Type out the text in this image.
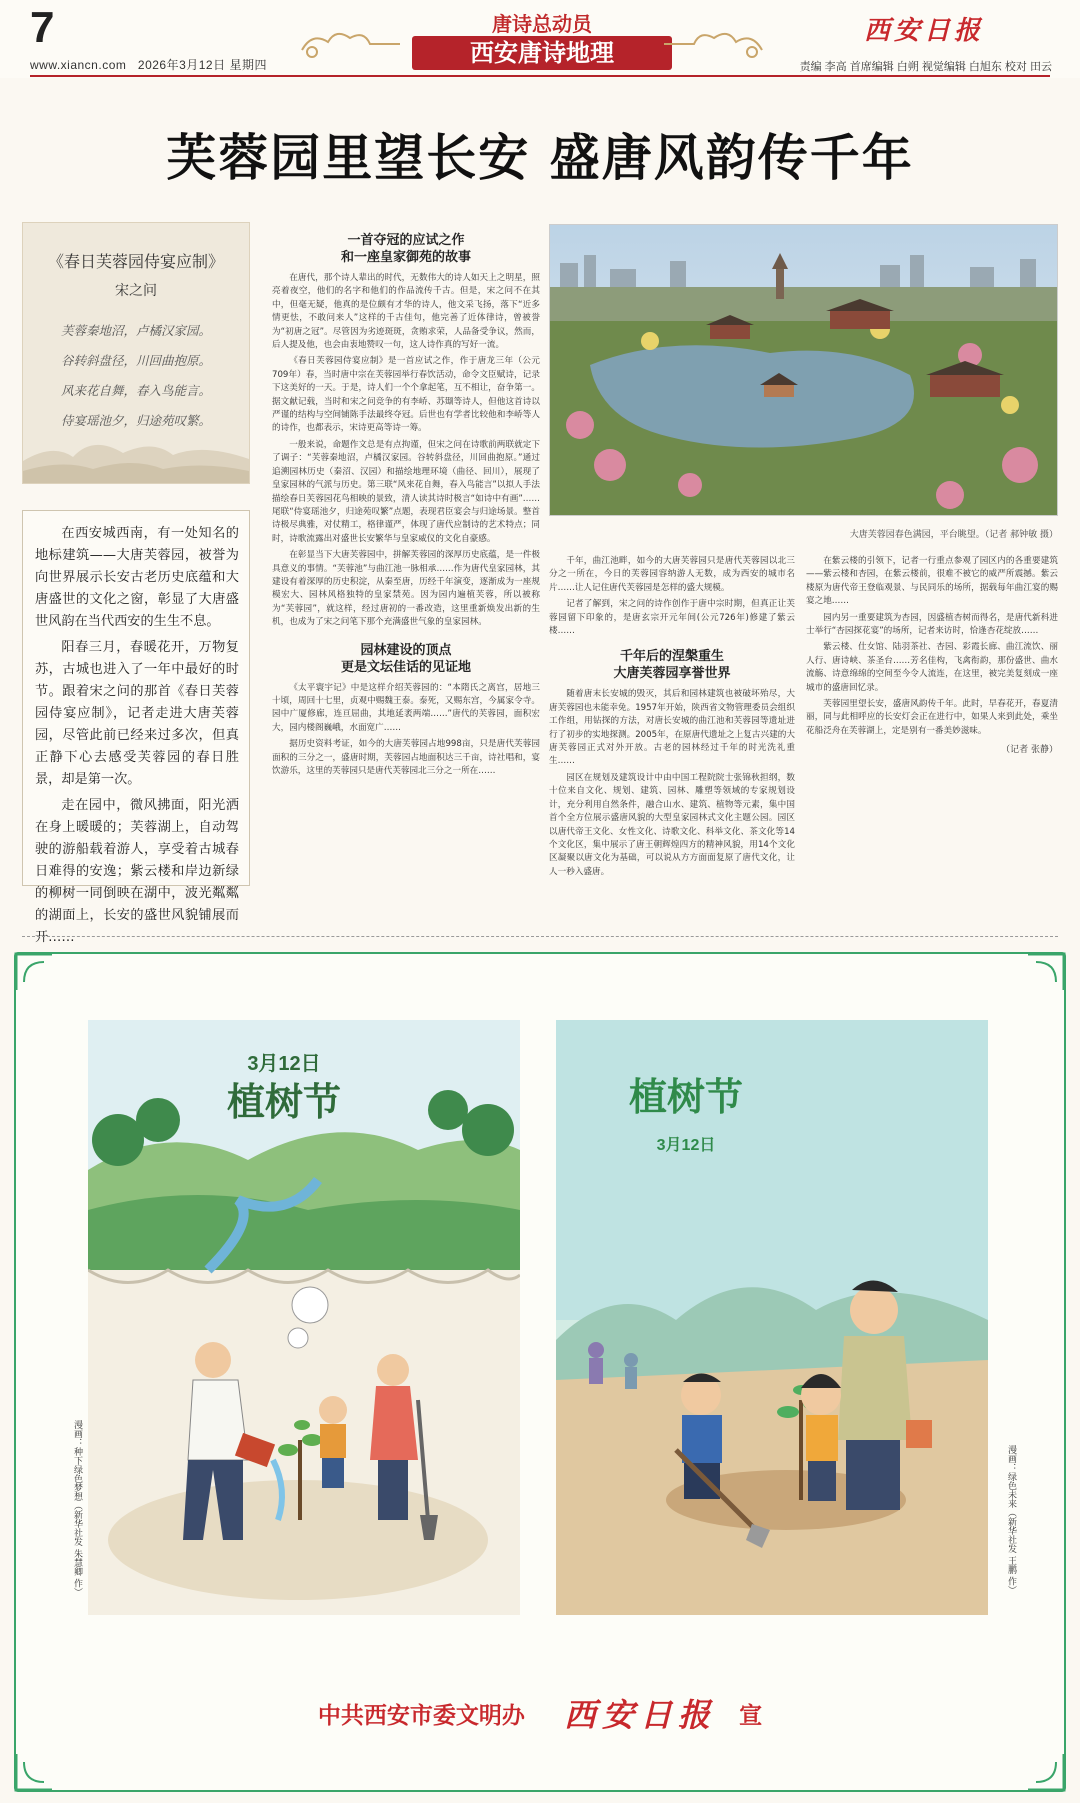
7
www.xiancn.com 2026年3月12日 星期四
唐诗总动员
西安唐诗地理
西安日报
责编 李高 首席编辑 白朔 视觉编辑 白旭东 校对 田云
芙蓉园里望长安 盛唐风韵传千年
《春日芙蓉园侍宴应制》
宋之问
芙蓉秦地沼，卢橘汉家园。
谷转斜盘径，川回曲抱原。
风来花自舞，春入鸟能言。
侍宴瑶池夕，归途苑叹繁。

在西安城西南，有一处知名的地标建筑——大唐芙蓉园，被誉为向世界展示长安古老历史底蕴和大唐盛世的文化之窗，彰显了大唐盛世风韵在当代西安的生生不息。

阳春三月，春暖花开，万物复苏，古城也进入了一年中最好的时节。跟着宋之问的那首《春日芙蓉园侍宴应制》，记者走进大唐芙蓉园，尽管此前已经来过多次，但真正静下心去感受芙蓉园的春日胜景，却是第一次。

走在园中，微风拂面，阳光洒在身上暖暖的；芙蓉湖上，自动驾驶的游船载着游人，享受着古城春日难得的安逸；紫云楼和岸边新绿的柳树一同倒映在湖中，波光粼粼的湖面上，长安的盛世风貌铺展而开……

一首夺冠的应试之作
和一座皇家御苑的故事

在唐代，那个诗人辈出的时代，无数伟大的诗人如天上之明星，照亮着夜空，他们的名字和他们的作品流传千古。但是，宋之问不在其中，但毫无疑，他真的是位颇有才华的诗人，他文采飞扬，落下“近多情更怯，不敢问来人”这样的千古佳句，他完善了近体律诗，曾被誉为“初唐之冠”。尽管因为劣迹斑斑，贪贿求荣，人品备受争议，然而，后人提及他，也会由衷地赞叹一句，这人诗作真的写好一流。

《春日芙蓉园侍宴应制》是一首应试之作，作于唐龙三年（公元709年）春，当时唐中宗在芙蓉园举行春饮活动，命令文臣赋诗，记录下这美好的一天。于是，诗人们一个个拿起笔，互不相让，奋争第一。据文献记载，当时和宋之问竞争的有李峤、苏颋等诗人，但他这首诗以严谨的结构与空间铺陈手法最终夺冠。后世也有学者比较他和李峤等人的诗作，也都表示，宋诗更高等诗一筹。

一般来说，命题作文总是有点拘谨，但宋之问在诗歌前两联就定下了调子：“芙蓉秦地沼，卢橘汉家园。谷转斜盘径，川回曲抱原。”通过追溯园林历史（秦沼、汉园）和描绘地理环境（曲径、回川），展现了皇家园林的气派与历史。第三联“风来花自舞，春入鸟能言”以拟人手法描绘春日芙蓉园花鸟相映的景致，清人读其诗时极言“如诗中有画”……尾联“侍宴瑶池夕，归途苑叹繁”点题，表现君臣宴会与归途场景。整首诗极尽典雅，对仗精工，格律谨严，体现了唐代应制诗的艺术特点；同时，诗歌流露出对盛世长安繁华与皇家威仪的文化自豪感。

在彰显当下大唐芙蓉园中，拼解芙蓉园的深厚历史底蕴，是一件极具意义的事情。“芙蓉池”与曲江池一脉相承……作为唐代皇家园林，其建设有着深厚的历史积淀，从秦至唐，历经千年演变，逐渐成为一座规模宏大、园林风格独特的皇家禁苑。因为园内遍植芙蓉，所以被称为“芙蓉园”，就这样，经过唐初的一番改造，这里重新焕发出新的生机，也成为了宋之问笔下那个充满盛世气象的皇家园林。

园林建设的顶点
更是文坛佳话的见证地

《太平寰宇记》中是这样介绍芙蓉园的：“本隋氏之离宫，居地三十顷，周回十七里，贞观中赐魏王泰。泰死，又赐东宫，今属家令寺。园中广厦修廊，连亘屈曲，其地延袤两端……”唐代的芙蓉园，面积宏大，园内楼阁巍峨，水面宽广……

据历史资料考证，如今的大唐芙蓉园占地998亩，只是唐代芙蓉园面积的三分之一，盛唐时期，芙蓉园占地面积达三千亩，诗社唱和，宴饮游乐，这里的芙蓉园只是唐代芙蓉园北三分之一所在……

大唐芙蓉园春色满园，平台眺望。（记者 郝钟敏 摄）

千年，曲江池畔，如今的大唐芙蓉园只是唐代芙蓉园以北三分之一所在，今日的芙蓉园容纳游人无数，成为西安的城市名片……让人记住唐代芙蓉园是怎样的盛大规模。

记者了解到，宋之问的诗作创作于唐中宗时期，但真正让芙蓉园留下印象的，是唐玄宗开元年间(公元726年)修建了紫云楼……

千年后的涅槃重生
大唐芙蓉园享誉世界

随着唐末长安城的毁灭，其后和园林建筑也被破坏殆尽，大唐芙蓉园也未能幸免。1957年开始，陕西省文物管理委员会组织工作组，用钻探的方法，对唐长安城的曲江池和芙蓉园等遗址进行了初步的实地探测。2005年，在原唐代遗址之上复古兴建的大唐芙蓉园正式对外开放。古老的园林经过千年的时光洗礼重生……

园区在规划及建筑设计中由中国工程院院士张锦秋担纲，数十位来自文化、规划、建筑、园林、雕塑等领域的专家规划设计，充分利用自然条件，融合山水、建筑、植物等元素，集中国首个全方位展示盛唐风貌的大型皇家园林式文化主题公园。园区以唐代帝王文化、女性文化、诗歌文化、科举文化、茶文化等14个文化区，集中展示了唐王朝辉煌四方的精神风貌，用14个文化区凝聚以唐文化为基础，可以说从方方面面复原了唐代文化，让人一秒入盛唐。

在紫云楼的引领下，记者一行重点参观了园区内的各重要建筑——紫云楼和杏园，在紫云楼前，很难不被它的威严所震撼。紫云楼原为唐代帝王登临观景、与民同乐的场所，据载每年曲江宴的赐宴之地……

园内另一重要建筑为杏园，因盛植杏树而得名，是唐代新科进士举行“杏园探花宴”的场所，记者来访时，恰逢杏花绽放……

紫云楼、仕女馆、陆羽茶社、杏园、彩霞长廊、曲江流饮、丽人行、唐诗峡、茶圣台……芳名佳构，飞禽衔韵，那份盛世、曲水流觞、诗意绵绵的空间至今令人流连，在这里，被完美复刻成一座城市的盛唐回忆录。

芙蓉园里望长安，盛唐风韵传千年。此时，早春花开，春夏清丽，同与此相呼应的长安灯会正在进行中，如果人来到此处，乘坐花船泛舟在芙蓉湖上，定是别有一番美妙滋味。

（记者 张静）
3月12日
植树节
漫画：种下绿色梦想（新华社发 朱慧卿 作）
植树节
3月12日
漫画：绿色未来（新华社发 王鹏 作）
中共西安市委文明办 西安日报 宣
